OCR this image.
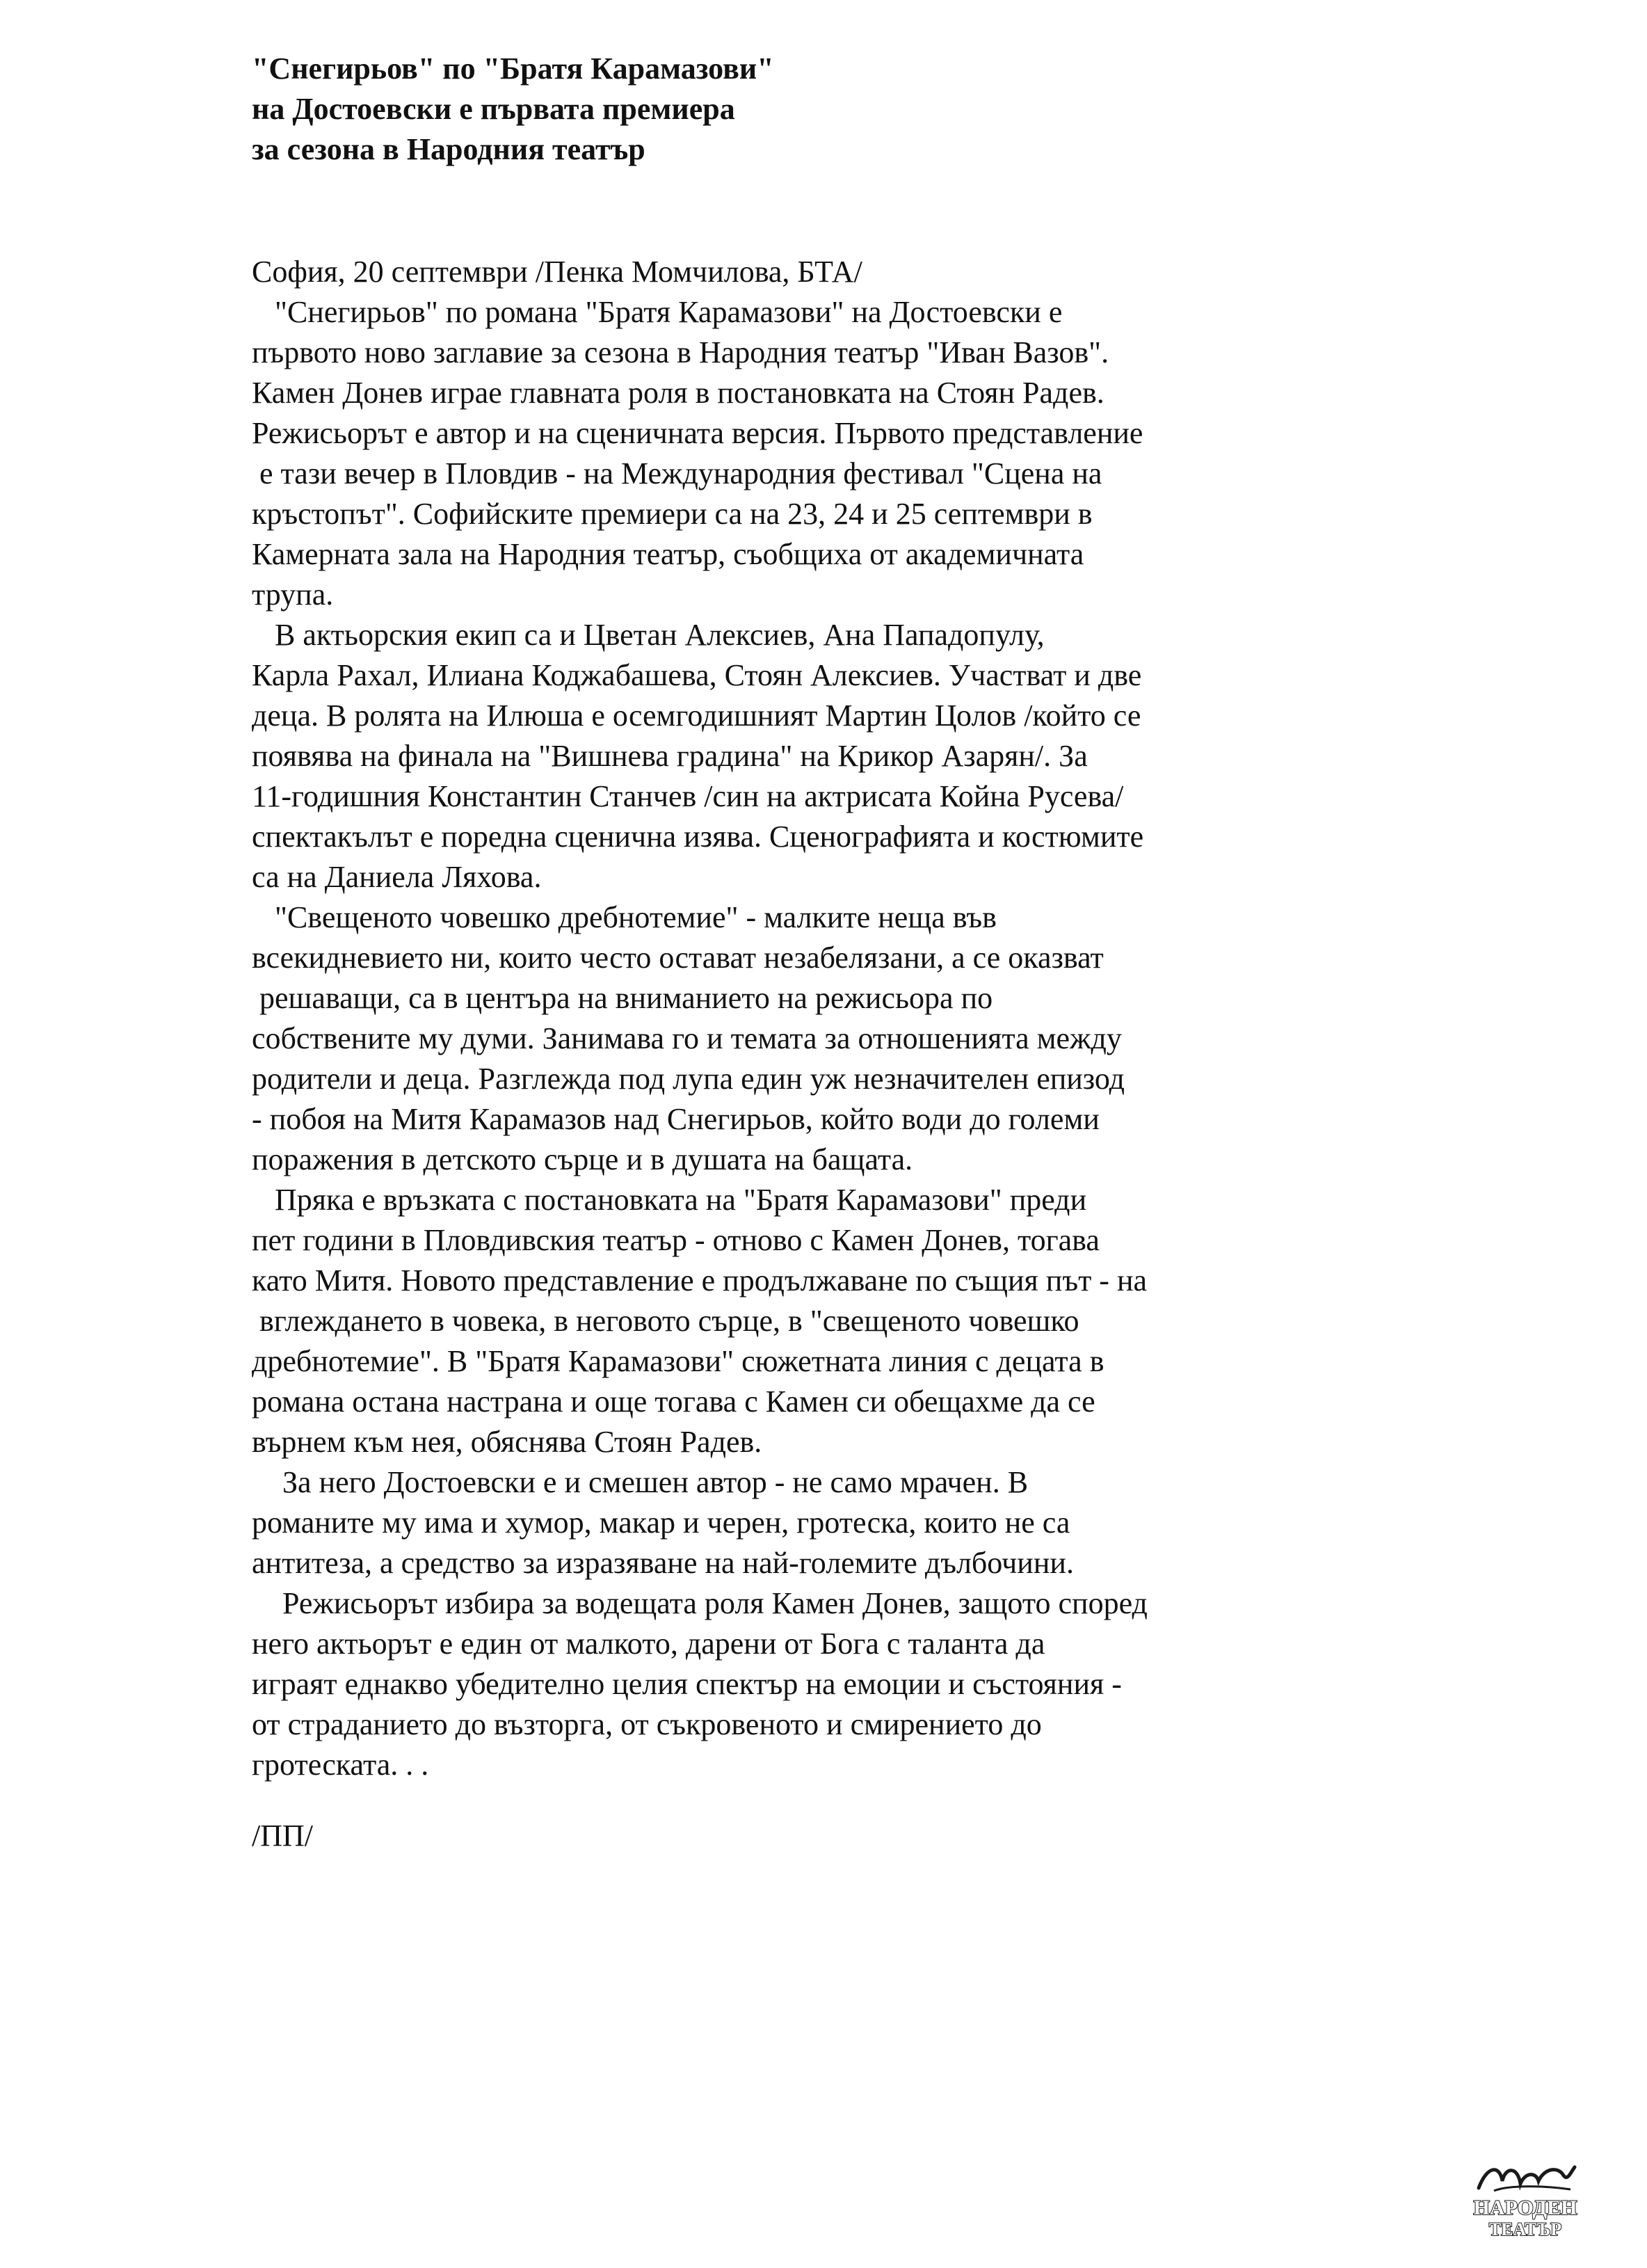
"Снегирьов" по "Братя Карамазови"
на Достоевски е първата премиера
за сезона в Народния театър

София, 20 септември /Пенка Момчилова, БТА/

"Снегирьов" по романа "Братя Карамазови" на Достоевски е
първото ново заглавие за сезона в Народния театър "Иван Вазов".
Камен Донев играе главната роля в постановката на Стоян Радев.
Режисьорът е автор и на сценичната версия. Първото представление
е тази вечер в Пловдив - на Международния фестивал "Сцена на
кръстопът". Софийските премиери са на 23, 24 и 25 септември в
Камерната зала на Народния театър, съобщиха от академичната
трупа.

В актьорския екип са и Цветан Алексиев, Ана Пападопулу,
Карла Рахал, Илиана Коджабашева, Стоян Алексиев. Участват и две
деца. В ролята на Илюша е осемгодишният Мартин Цолов /който се
появява на финала на "Вишнева градина" на Крикор Азарян/. За
11-годишния Константин Станчев /син на актрисата Койна Русева/
спектакълът е поредна сценична изява. Сценографията и костюмите
са на Даниела Ляхова.

"Свещеното човешко дребнотемие" - малките неща във
всекидневието ни, които често остават незабелязани, а се оказват
решаващи, са в центъра на вниманието на режисьора по
собствените му думи. Занимава го и темата за отношенията между
родители и деца. Разглежда под лупа един уж незначителен епизод
- побоя на Митя Карамазов над Снегирьов, който води до големи
поражения в детското сърце и в душата на бащата.

Пряка е връзката с постановката на "Братя Карамазови" преди
пет години в Пловдивския театър - отново с Камен Донев, тогава
като Митя. Новото представление е продължаване по същия път - на
вглеждането в човека, в неговото сърце, в "свещеното човешко
дребнотемие". В "Братя Карамазови" сюжетната линия с децата в
романа остана настрана и още тогава с Камен си обещахме да се
върнем към нея, обяснява Стоян Радев.

За него Достоевски е и смешен автор - не само мрачен. В
романите му има и хумор, макар и черен, гротеска, които не са
антитеза, а средство за изразяване на най-големите дълбочини.

Режисьорът избира за водещата роля Камен Донев, защото според
него актьорът е един от малкото, дарени от Бога с таланта да
играят еднакво убедително целия спектър на емоции и състояния -
от страданието до възторга, от съкровеното и смирението до
гротеската. . .

/ПП/

НАРОДЕН
ТЕАТЪР
